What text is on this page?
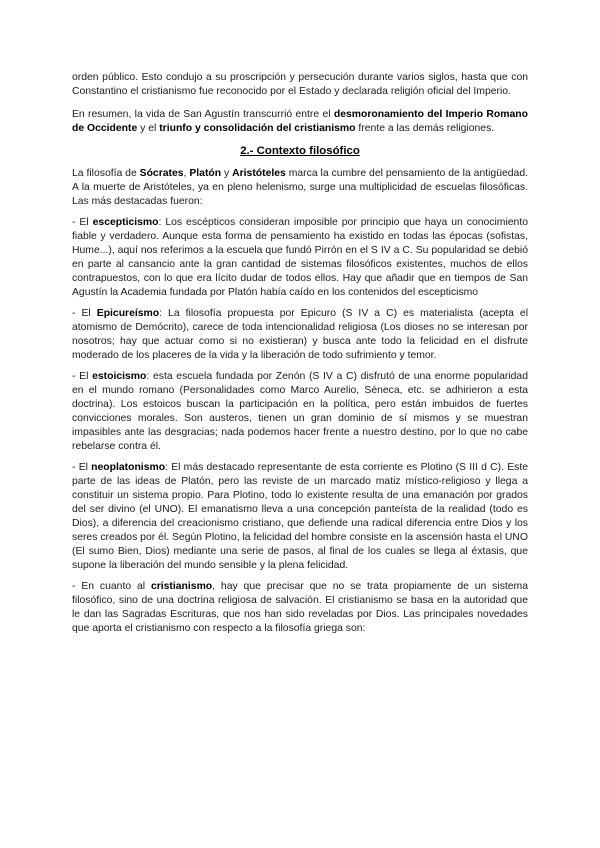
orden público. Esto condujo a su proscripción y persecución durante varios siglos, hasta que con Constantino el cristianismo fue reconocido por el Estado y declarada religión oficial del Imperio.

En resumen, la vida de San Agustín transcurrió entre el desmoronamiento del Imperio Romano de Occidente y el triunfo y consolidación del cristianismo frente a las demás religiones.

2.- Contexto filosófico

La filosofía de Sócrates, Platón y Aristóteles marca la cumbre del pensamiento de la antigüedad. A la muerte de Aristóteles, ya en pleno helenismo, surge una multiplicidad de escuelas filosóficas. Las más destacadas fueron:

- El escepticismo: Los escépticos consideran imposible por principio que haya un conocimiento fiable y verdadero. Aunque esta forma de pensamiento ha existido en todas las épocas (sofistas, Hume...), aquí nos referimos a la escuela que fundó Pirrón en el S IV a C. Su popularidad se debió en parte al cansancio ante la gran cantidad de sistemas filosóficos existentes, muchos de ellos contrapuestos, con lo que era lícito dudar de todos ellos. Hay que añadir que en tiempos de San Agustín la Academia fundada por Platón había caído en los contenidos del escepticismo

- El Epicureísmo: La filosofía propuesta por Epicuro (S IV a C) es materialista (acepta el atomismo de Demócrito), carece de toda intencionalidad religiosa (Los dioses no se interesan por nosotros; hay que actuar como si no existieran) y busca ante todo la felicidad en el disfrute moderado de los placeres de la vida y la liberación de todo sufrimiento y temor.

- El estoicismo: esta escuela fundada por Zenón (S IV a C) disfrutó de una enorme popularidad en el mundo romano (Personalidades como Marco Aurelio, Séneca, etc. se adhirieron a esta doctrina). Los estoicos buscan la participación en la política, pero están imbuidos de fuertes convicciones morales. Son austeros, tienen un gran dominio de sí mismos y se muestran impasibles ante las desgracias; nada podemos hacer frente a nuestro destino, por lo que no cabe rebelarse contra él.

- El neoplatonismo: El más destacado representante de esta corriente es Plotino (S III d C). Este parte de las ideas de Platón, pero las reviste de un marcado matiz místico-religioso y llega a constituir un sistema propio. Para Plotino, todo lo existente resulta de una emanación por grados del ser divino (el UNO). El emanatismo lleva a una concepción panteísta de la realidad (todo es Dios), a diferencia del creacionismo cristiano, que defiende una radical diferencia entre Dios y los seres creados por él. Según Plotino, la felicidad del hombre consiste en la ascensión hasta el UNO (El sumo Bien, Dios) mediante una serie de pasos, al final de los cuales se llega al éxtasis, que supone la liberación del mundo sensible y la plena felicidad.

- En cuanto al cristianismo, hay que precisar que no se trata propiamente de un sistema filosófico, sino de una doctrina religiosa de salvación. El cristianismo se basa en la autoridad que le dan las Sagradas Escrituras, que nos han sido reveladas por Dios. Las principales novedades que aporta el cristianismo con respecto a la filosofía griega son:
